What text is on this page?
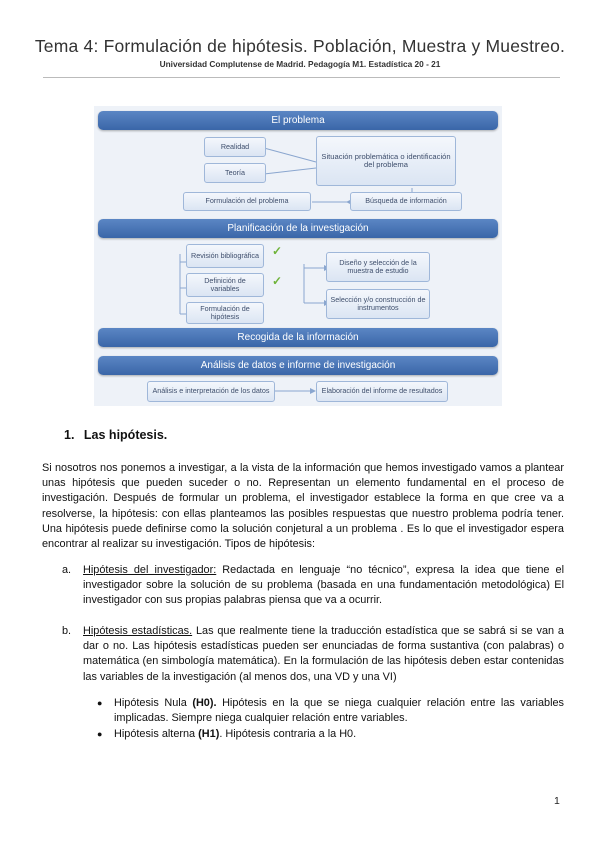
Tema 4: Formulación de hipótesis. Población, Muestra y Muestreo.
Universidad Complutense de Madrid. Pedagogía M1. Estadística 20 - 21
El problema
Realidad
Teoría
Situación problemática o identificación del problema
Formulación del problema	Búsqueda de información
Planificación de la investigación
Revisión bibliográfica	✓
Definición de variables
✓
Formulación de hipótesis
Diseño y selección de la muestra de estudio
Selección y/o construcción de instrumentos
Recogida de la información
Análisis de datos e informe de investigación
Análisis e interpretación de los datos	Elaboración del informe de resultados
1. Las hipótesis.
Si nosotros nos ponemos a investigar, a la vista de la información que hemos investigado vamos a plantear unas hipótesis que pueden suceder o no. Representan un elemento fundamental en el proceso de investigación. Después de formular un problema, el investigador establece la forma en que cree va a resolverse, la hipótesis: con ellas planteamos las posibles respuestas que nuestro problema podría tener. Una hipótesis puede definirse como la solución conjetural a un problema . Es lo que el investigador espera encontrar al realizar su investigación. Tipos de hipótesis:
a. Hipótesis del investigador: Redactada en lenguaje “no técnico”, expresa la idea que tiene el investigador sobre la solución de su problema (basada en una fundamentación metodológica) El investigador con sus propias palabras piensa que va a ocurrir.
b. Hipótesis estadísticas. Las que realmente tiene la traducción estadística que se sabrá si se van a dar o no. Las hipótesis estadísticas pueden ser enunciadas de forma sustantiva (con palabras) o matemática (en simbología matemática). En la formulación de las hipótesis deben estar contenidas las variables de la investigación (al menos dos, una VD y una VI)
● Hipótesis Nula (H0). Hipótesis en la que se niega cualquier relación entre las variables implicadas. Siempre niega cualquier relación entre variables.
● Hipótesis alterna (H1). Hipótesis contraria a la H0.
1
